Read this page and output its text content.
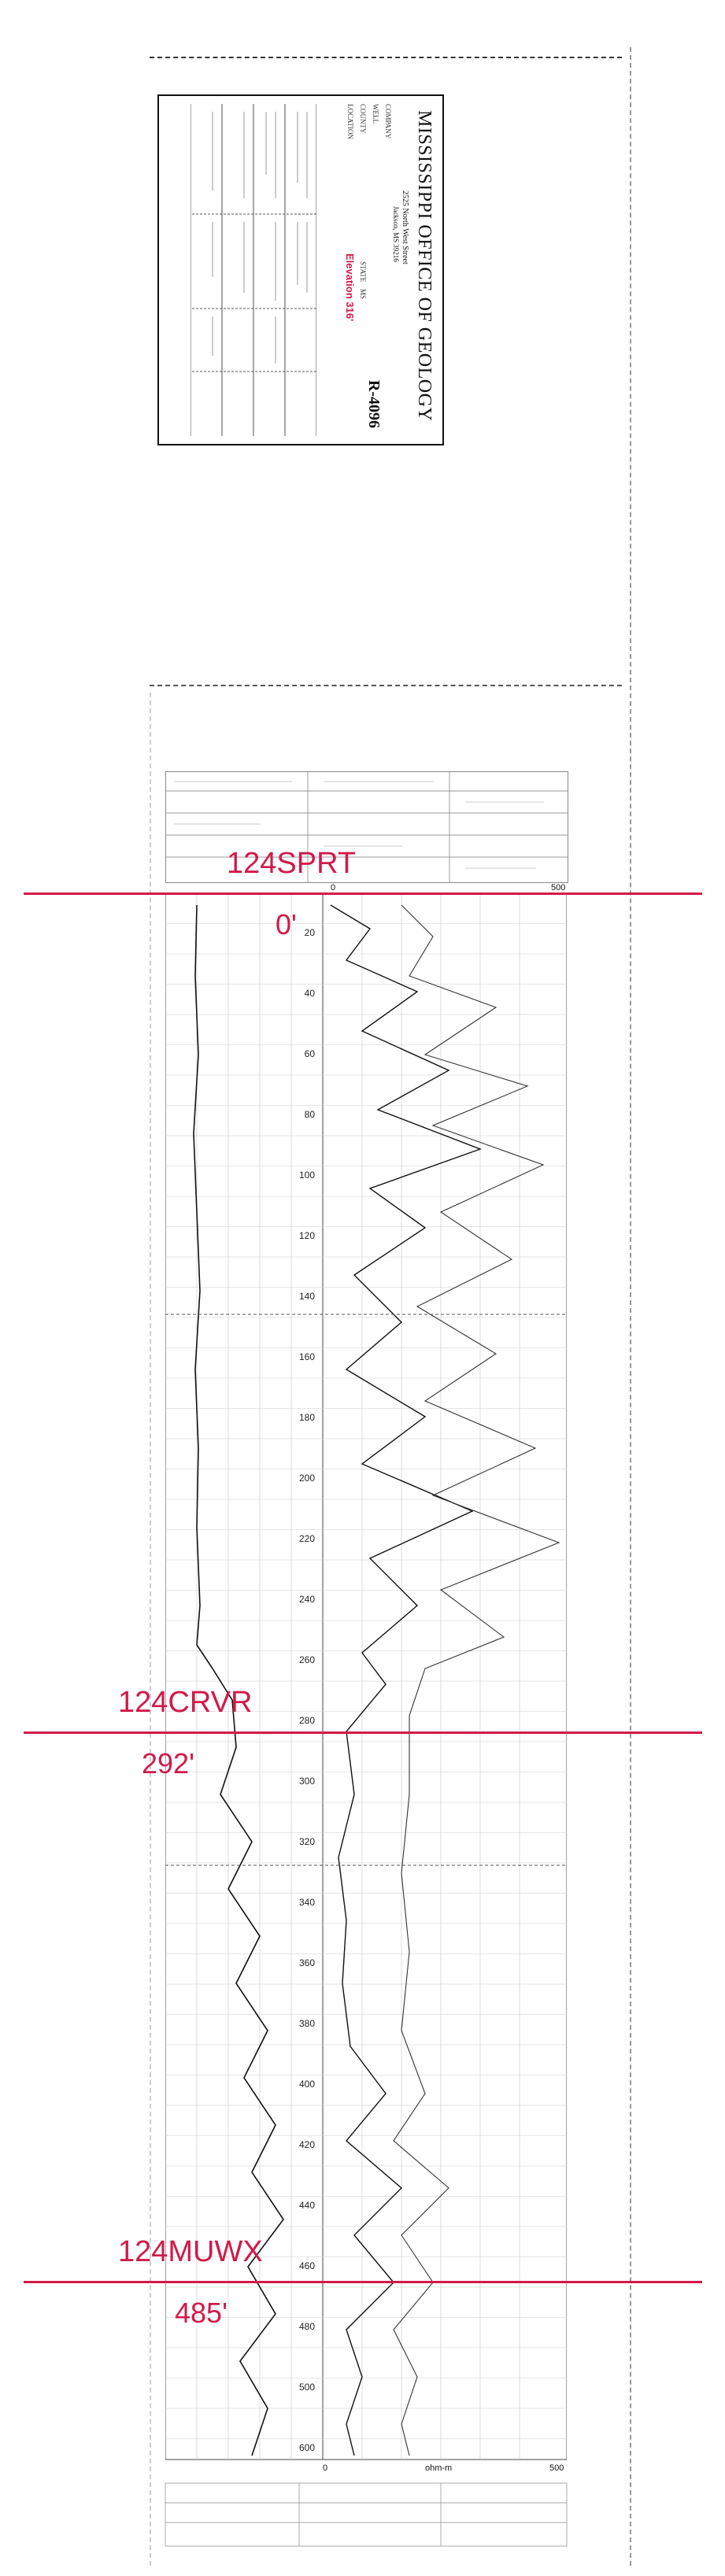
MISSISSIPPI OFFICE OF GEOLOGY
2525 North West Street
Jackson, MS 39216
R-4096
COMPANY
WELL
COUNTY
LOCATION
STATE
MS
Elevation 316'
0	500
20
40
60
80
100
120
140
160
180
200
220
240
260
280
300
320
340
360
380
400
420
440
460
480
500
600
0	ohm-m	500
124SPRT
0'
124CRVR
292'
124MUWX
485'
